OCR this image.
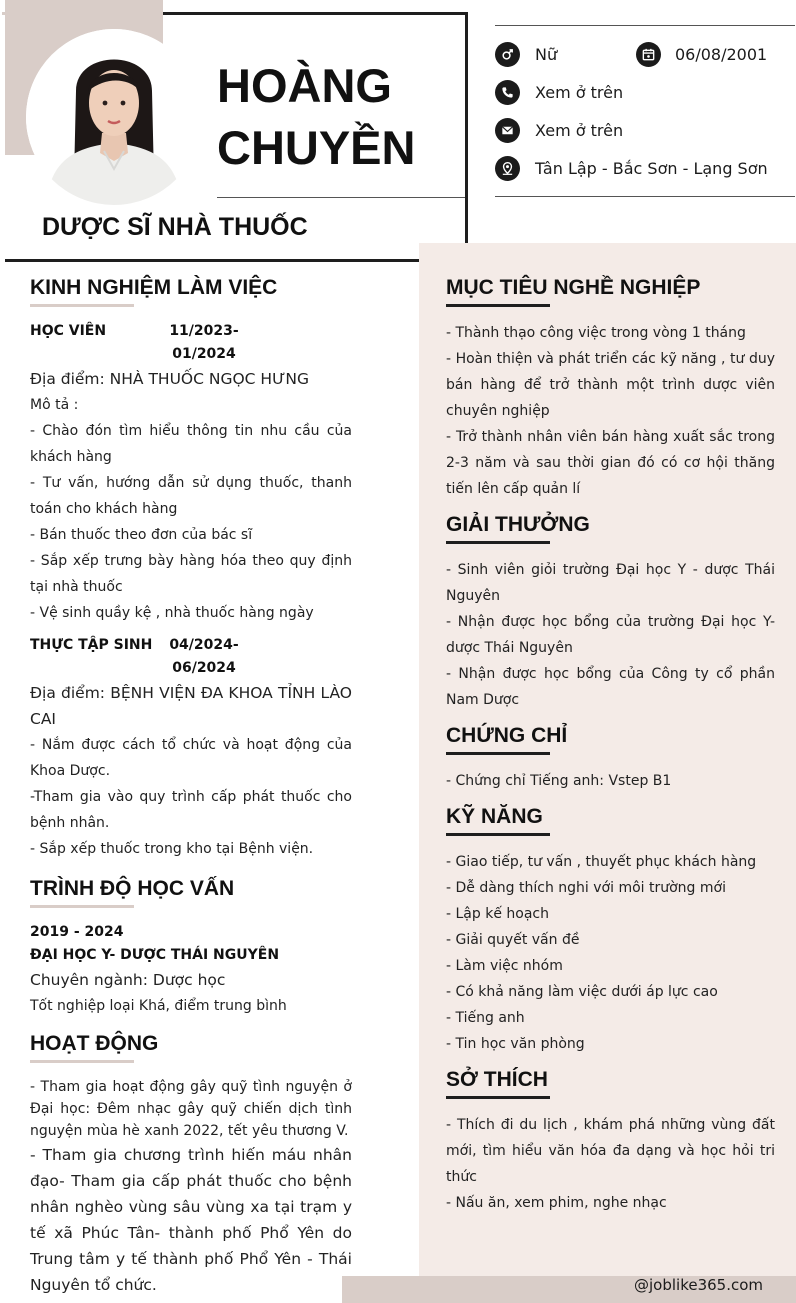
HOÀNG
CHUYỀN
DƯỢC SĨ NHÀ THUỐC
Nữ	06/08/2001
Xem ở trên
Xem ở trên
Tân Lập - Bắc Sơn - Lạng Sơn
KINH NGHIỆM LÀM VIỆC
HỌC VIÊN	11/2023-
01/2024
Địa điểm: NHÀ THUỐC NGỌC HƯNG
Mô tả :
- Chào đón tìm hiểu thông tin nhu cầu của khách hàng
- Tư vấn, hướng dẫn sử dụng thuốc, thanh toán cho khách hàng
- Bán thuốc theo đơn của bác sĩ
- Sắp xếp trưng bày hàng hóa theo quy định tại nhà thuốc
- Vệ sinh quầy kệ , nhà thuốc hàng ngày
THỰC TẬP SINH	04/2024-
06/2024
Địa điểm: BỆNH VIỆN ĐA KHOA TỈNH LÀO CAI
- Nắm được cách tổ chức và hoạt động của Khoa Dược.
-Tham gia vào quy trình cấp phát thuốc cho bệnh nhân.
- Sắp xếp thuốc trong kho tại Bệnh viện.
TRÌNH ĐỘ HỌC VẤN
2019 - 2024
ĐẠI HỌC Y- DƯỢC THÁI NGUYÊN
Chuyên ngành: Dược học
Tốt nghiệp loại Khá, điểm trung bình
HOẠT ĐỘNG
- Tham gia hoạt động gây quỹ tình nguyện ở Đại học: Đêm nhạc gây quỹ chiến dịch tình nguyện mùa hè xanh 2022, tết yêu thương V.
- Tham gia chương trình hiến máu nhân đạo- Tham gia cấp phát thuốc cho bệnh nhân nghèo vùng sâu vùng xa tại trạm y tế xã Phúc Tân- thành phố Phổ Yên do Trung tâm y tế thành phố Phổ Yên - Thái Nguyên tổ chức.
MỤC TIÊU NGHỀ NGHIỆP
- Thành thạo công việc trong vòng 1 tháng
- Hoàn thiện và phát triển các kỹ năng , tư duy bán hàng để trở thành một trình dược viên chuyên nghiệp
- Trở thành nhân viên bán hàng xuất sắc trong 2-3 năm và sau thời gian đó có cơ hội thăng tiến lên cấp quản lí
GIẢI THƯỞNG
- Sinh viên giỏi trường Đại học Y - dược Thái Nguyên
- Nhận được học bổng của trường Đại học Y- dược Thái Nguyên
- Nhận được học bổng của Công ty cổ phần Nam Dược
CHỨNG CHỈ
- Chứng chỉ Tiếng anh: Vstep B1
KỸ NĂNG
- Giao tiếp, tư vấn , thuyết phục khách hàng
- Dễ dàng thích nghi với môi trường mới
- Lập kế hoạch
- Giải quyết vấn đề
- Làm việc nhóm
- Có khả năng làm việc dưới áp lực cao
- Tiếng anh
- Tin học văn phòng
SỞ THÍCH
- Thích đi du lịch , khám phá những vùng đất mới, tìm hiểu văn hóa đa dạng và học hỏi tri thức
- Nấu ăn, xem phim, nghe nhạc
@joblike365.com
